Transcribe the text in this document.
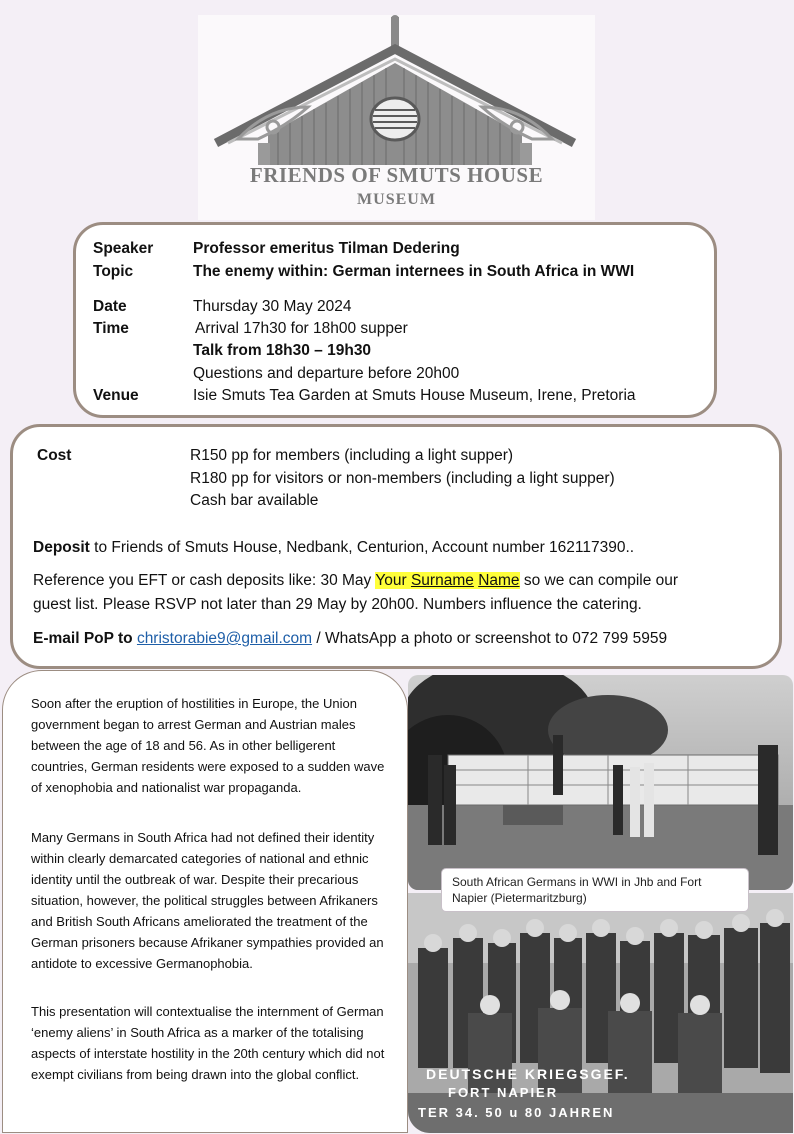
FRIENDS OF SMUTS HOUSE
MUSEUM
Speaker	Professor emeritus Tilman Dedering
Topic	The enemy within: German internees in South Africa in WWI
Date	Thursday 30 May 2024
Time	Arrival 17h30 for 18h00 supper
Talk from 18h30 – 19h30
Questions and departure before 20h00
Venue	Isie Smuts Tea Garden at Smuts House Museum, Irene, Pretoria
Cost	R150 pp for members (including a light supper)
R180 pp for visitors or non-members (including a light supper)
Cash bar available
Deposit to Friends of Smuts House, Nedbank, Centurion, Account number 162117390..
Reference you EFT or cash deposits like: 30 May Your Surname Name so we can compile our
guest list. Please RSVP not later than 29 May by 20h00. Numbers influence the catering.
E-mail PoP to christorabie9@gmail.com / WhatsApp a photo or screenshot to 072 799 5959
Soon after the eruption of hostilities in Europe, the Union government began to arrest German and Austrian males between the age of 18 and 56. As in other belligerent countries, German residents were exposed to a sudden wave of xenophobia and nationalist war propaganda.
Many Germans in South Africa had not defined their identity within clearly demarcated categories of national and ethnic identity until the outbreak of war. Despite their precarious situation, however, the political struggles between Afrikaners and British South Africans ameliorated the treatment of the German prisoners because Afrikaner sympathies provided an antidote to excessive Germanophobia.
This presentation will contextualise the internment of German ‘enemy aliens’ in South Africa as a marker of the totalising aspects of interstate hostility in the 20th century which did not exempt civilians from being drawn into the global conflict.	DEUTSCHE KRIEGSGEF.
FORT NAPIER
TER 34. 50 u 80 JAHREN
South African Germans in WWI in Jhb and Fort Napier (Pietermaritzburg)
